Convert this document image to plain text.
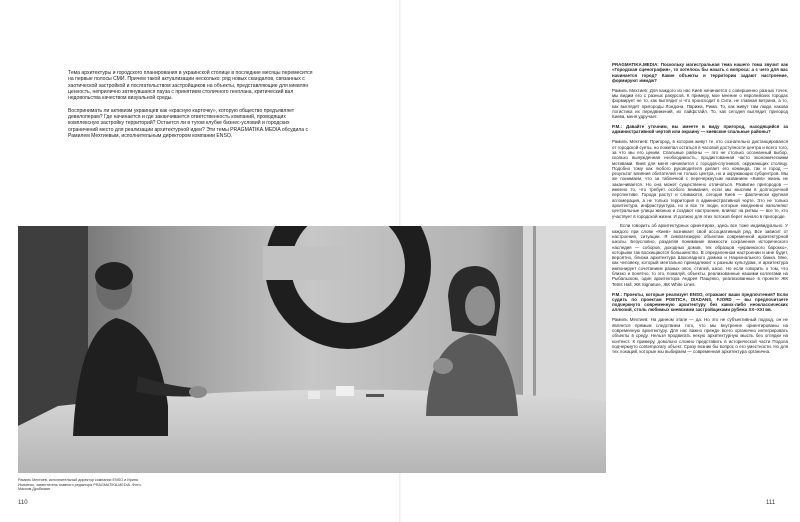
Тема архитектуры и городского планирования в украинской столице в последние месяцы перемесится на первые полосы СМИ. Причем такой актуализации несколько: ряд новых скандалов, связанных с хаотической застройкой и посягательством застройщиков на объекты, представляющие для киевлян ценность, неприлично затянувшаяся пауза с принятием столичного генплана, критический вал недовольства качеством визуальной среды.

Воспринимать ли активизм украинцев как «красную карточку», которую общество предъявляет девелоперам? Где начинается и где заканчивается ответственность компаний, проводящих комплексную застройку территорий? Остается ли в тугом клубке бизнес-условий и городских ограничений место для реализации архитектурной идеи? Эти темы PRAGMATIKA.MEDIA обсудила с Рамилем Мехтиевым, исполнительным директором компании ENSO.

Рамиль Мехтиев, исполнительный директор компании ENSO и Ирина Исаченко, заместитель главного редактора PRAGMATIKA.MEDIA. Фото: Максим Дробязкин
110	111

PRAGMATIKA.MEDIA: Поскольку магистральная тема нашего тома звучит как «Городская сценография», то хотелось бы начать с вопроса: а с чего для вас начинается город? Какие объекты и территории задают настроение, формируют имидж?

Рамиль Мехтиев: Для каждого из нас Киев начинается с совершенно разных точек, мы видим его с разных ракурсов. К примеру, мое мнение о европейских городах формирует не то, как выглядит и что происходит в Сити, не главная витрина, а то, как выглядят пригороды Лондона, Парижа, Рима. То, как живут там люди, какова логистика их передвижений, их лайфстайл. То, как сегодня выглядит пригород Киева, меня удручает.

P.M.: Давайте уточним, вы имеете в виду пригород, находящийся за административной чертой или окраину — киевские спальные районы?

Рамиль Мехтиев: Пригород, в котором живут те, кто сознательно дистанцировался от городской суеты, но пожелал остаться в часовой доступности центра и всего того, за что мы его ценим. Спальные районы — это не столько осознанный выбор, сколько вынужденная необходимость, продиктованная часто экономическими мотивами. Киев для меня начинается с городов-спутников, окружающих столицу. Подобно тому как любого руководителя делает его команда, так и город — результат влияния обитателей не только центра, но и окружающих субцентров. Мы же понимаем, что за табличкой с перечеркнутым названием «Киев» жизнь не заканчивается. Но она может существенно отличаться. Развитие пригородов — именно то, что требует особого внимания, если мы мыслим в долгосрочной перспективе. Города растут и сливаются, сегодня Киев — фактически крупная агломерация, а не только территория в административной черте. Это не только архитектура, инфраструктура, но и все те люди, которые ежедневно наполняют центральные улицы жизнью и создают настроение, влияют на ритмы — все те, кто участвует в городской жизни. И должно для этих потоков берет начало в пригороде.

Если говорить об архитектурных ориентирах, здесь все тоже индивидуально. У каждого при слове «Киев» возникает свой ассоциативный ряд. Все зависит от настроения, ситуации. Я симпатизирую объектам современной архитектурной школы. Безусловно, разделяя понимание важности сохранения исторического наследия — соборов, доходных домов, тех образцов «украинского барокко», которыми так восхищаются большинство. В определенном настроении и мне будет, вероятно, близка архитектура Шоколадного домика и Национального банка. Мне, как человеку, который ментально принадлежит к разным культурам, и архитектура импонирует сочетанием разных эпох, стилей, школ. Но если говорить о том, что близко и понятно, то это, пожалуй, объекты, реализованные нашими коллегами на Рыбальском, один архитектора Андрея Пащенко, реализованные в проекте ЖК Tetris Hall, ЖК Signature, ЖК White Lines.

P.M.: Проекты, которые реализует ENSO, отражают ваши предпочтения? Если судить по проектам POETICA, DIADANS, FJORD — вы предпочитаете подчеркнуто современную архитектуру без каких-либо неоклассических аллюзий, столь любимых киевскими застройщиками рубежа XX–XXI вв.

Рамиль Мехтиев: На данном этапе — да. Но это не субъективный подход, он не является прямым следствием того, что мы внутренне ориентированы на современную архитектуру. Для нас важно прежде всего органично интегрировать объекты в среду. Нельзя продвигать некую архитектурную мысль без оглядки на контекст. К примеру, довольно сложно представить в исторической части Подола подчеркнуто contemporary объект. Сразу возник бы вопрос о его уместности. Но для тех локаций, которые мы выбираем — современная архитектура органична.
